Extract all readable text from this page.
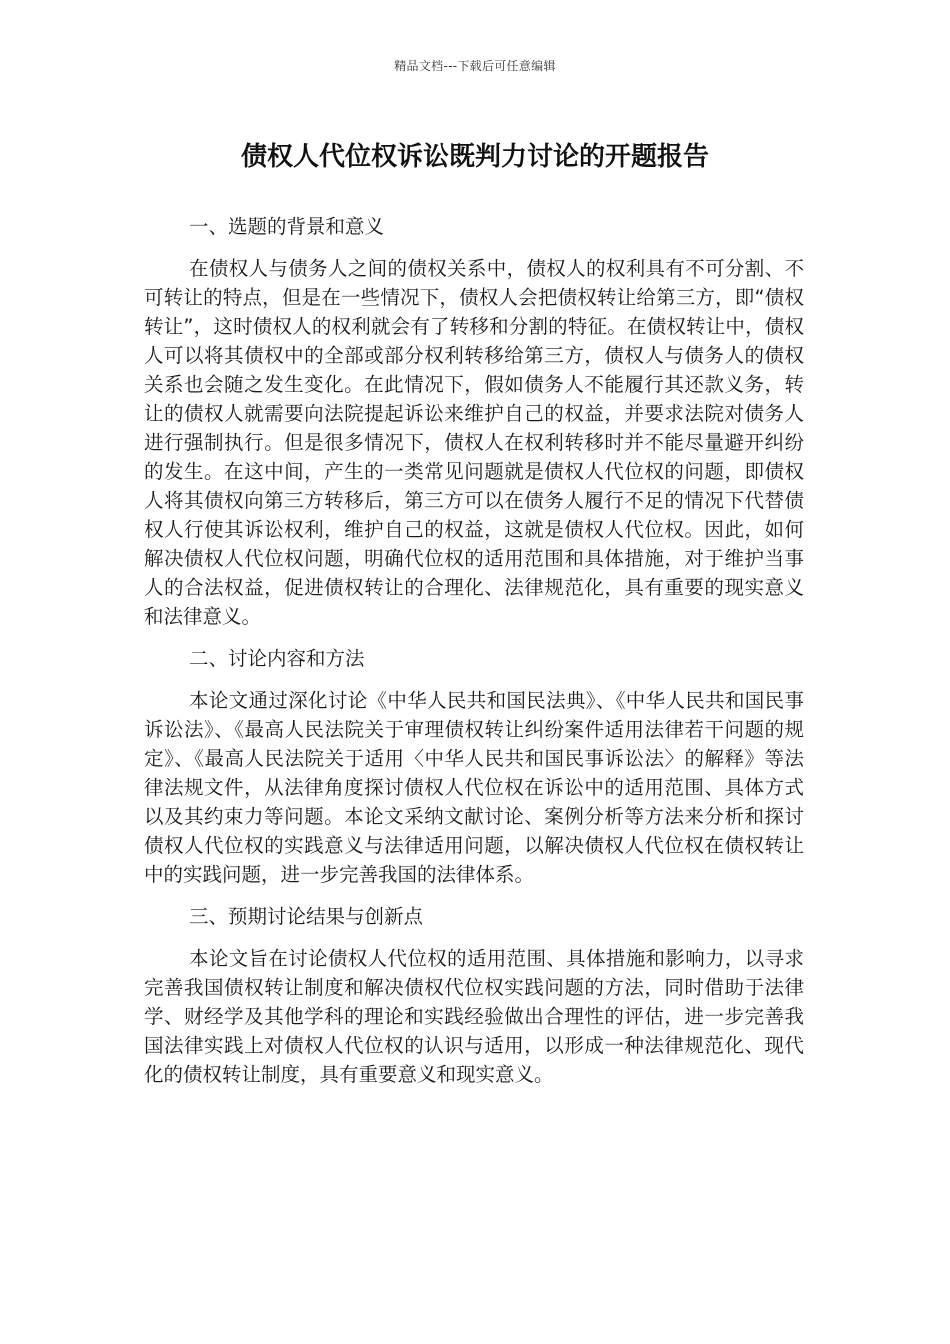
精品文档---下载后可任意编辑
债权人代位权诉讼既判力讨论的开题报告
一、选题的背景和意义

在债权人与债务人之间的债权关系中，债权人的权利具有不可分割、不可转让的特点，但是在一些情况下，债权人会把债权转让给第三方，即“债权转让”，这时债权人的权利就会有了转移和分割的特征。在债权转让中，债权人可以将其债权中的全部或部分权利转移给第三方，债权人与债务人的债权关系也会随之发生变化。在此情况下，假如债务人不能履行其还款义务，转让的债权人就需要向法院提起诉讼来维护自己的权益，并要求法院对债务人进行强制执行。但是很多情况下，债权人在权利转移时并不能尽量避开纠纷的发生。在这中间，产生的一类常见问题就是债权人代位权的问题，即债权人将其债权向第三方转移后，第三方可以在债务人履行不足的情况下代替债权人行使其诉讼权利，维护自己的权益，这就是债权人代位权。因此，如何解决债权人代位权问题，明确代位权的适用范围和具体措施，对于维护当事人的合法权益，促进债权转让的合理化、法律规范化，具有重要的现实意义和法律意义。

二、讨论内容和方法

本论文通过深化讨论《中华人民共和国民法典》、《中华人民共和国民事诉讼法》、《最高人民法院关于审理债权转让纠纷案件适用法律若干问题的规定》、《最高人民法院关于适用〈中华人民共和国民事诉讼法〉的解释》等法律法规文件，从法律角度探讨债权人代位权在诉讼中的适用范围、具体方式以及其约束力等问题。本论文采纳文献讨论、案例分析等方法来分析和探讨债权人代位权的实践意义与法律适用问题，以解决债权人代位权在债权转让中的实践问题，进一步完善我国的法律体系。

三、预期讨论结果与创新点

本论文旨在讨论债权人代位权的适用范围、具体措施和影响力，以寻求完善我国债权转让制度和解决债权代位权实践问题的方法，同时借助于法律学、财经学及其他学科的理论和实践经验做出合理性的评估，进一步完善我国法律实践上对债权人代位权的认识与适用，以形成一种法律规范化、现代化的债权转让制度，具有重要意义和现实意义。
